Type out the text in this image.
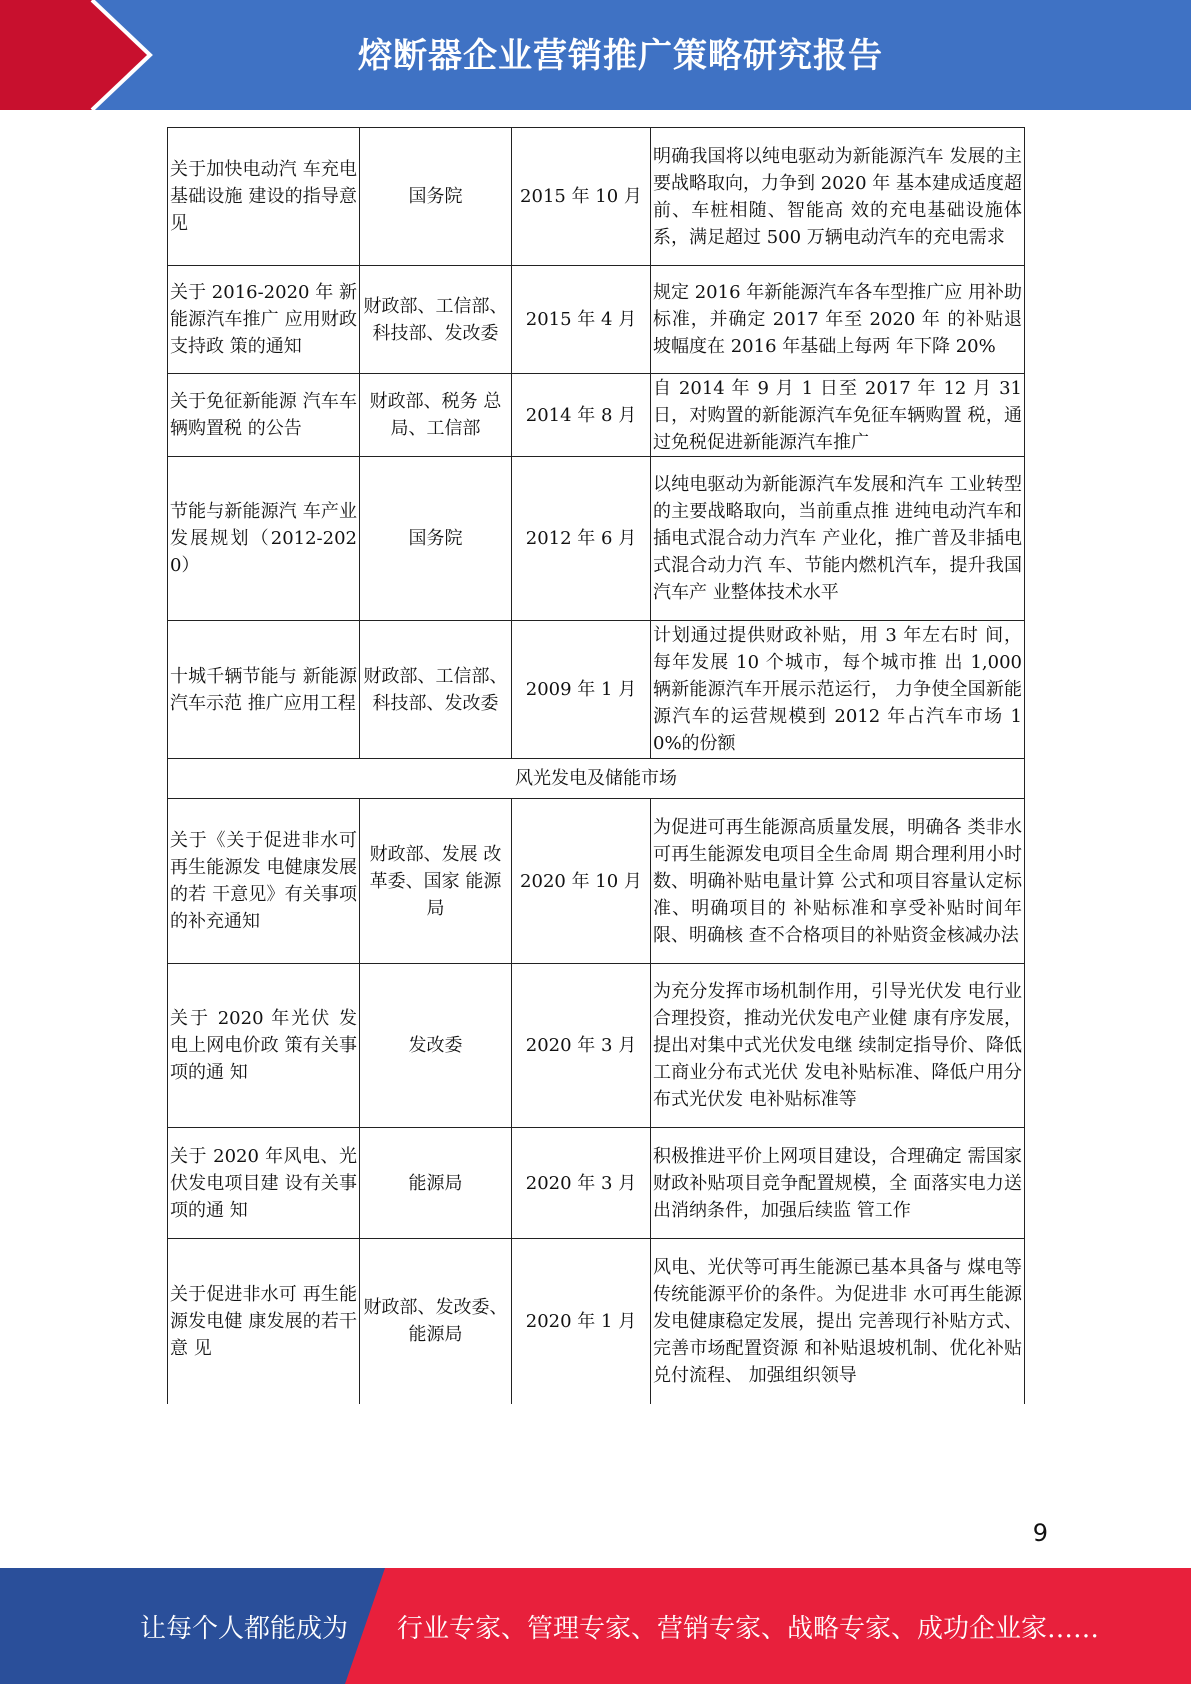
熔断器企业营销推广策略研究报告
关于加快电动汽 车充电基础设施 建设的指导意见	国务院	2015 年 10 月	明确我国将以纯电驱动为新能源汽车 发展的主要战略取向，力争到 2020 年 基本建成适度超前、车桩相随、智能高 效的充电基础设施体系，满足超过 500 万辆电动汽车的充电需求
关于 2016-2020 年 新能源汽车推广 应用财政支持政 策的通知	财政部、工信部、科技部、发改委	2015 年 4 月	规定 2016 年新能源汽车各车型推广应 用补助标准，并确定 2017 年至 2020 年 的补贴退坡幅度在 2016 年基础上每两 年下降 20%
关于免征新能源 汽车车辆购置税 的公告	财政部、税务 总局、工信部	2014 年 8 月	自 2014 年 9 月 1 日至 2017 年 12 月 31 日，对购置的新能源汽车免征车辆购置 税，通过免税促进新能源汽车推广
节能与新能源汽 车产业发展规划（2012-2020）	国务院	2012 年 6 月	以纯电驱动为新能源汽车发展和汽车 工业转型的主要战略取向，当前重点推 进纯电动汽车和插电式混合动力汽车 产业化，推广普及非插电式混合动力汽 车、节能内燃机汽车，提升我国汽车产 业整体技术水平
十城千辆节能与 新能源汽车示范 推广应用工程	财政部、工信部、科技部、发改委	2009 年 1 月	计划通过提供财政补贴，用 3 年左右时 间，每年发展 10 个城市，每个城市推 出 1,000 辆新能源汽车开展示范运行， 力争使全国新能源汽车的运营规模到 2012 年占汽车市场 10%的份额
风光发电及储能市场			
关于《关于促进非水可再生能源发 电健康发展的若 干意见》有关事项 的补充通知	财政部、发展 改革委、国家 能源局	2020 年 10 月	为促进可再生能源高质量发展，明确各 类非水可再生能源发电项目全生命周 期合理利用小时数、明确补贴电量计算 公式和项目容量认定标准、明确项目的 补贴标准和享受补贴时间年限、明确核 查不合格项目的补贴资金核减办法
关于 2020 年光伏 发电上网电价政 策有关事项的通 知	发改委	2020 年 3 月	为充分发挥市场机制作用，引导光伏发 电行业合理投资，推动光伏发电产业健 康有序发展，提出对集中式光伏发电继 续制定指导价、降低工商业分布式光伏 发电补贴标准、降低户用分布式光伏发 电补贴标准等
关于 2020 年风电、光伏发电项目建 设有关事项的通 知	能源局	2020 年 3 月	积极推进平价上网项目建设，合理确定 需国家财政补贴项目竞争配置规模，全 面落实电力送出消纳条件，加强后续监 管工作
关于促进非水可 再生能源发电健 康发展的若干意 见	财政部、发改委、能源局	2020 年 1 月	风电、光伏等可再生能源已基本具备与 煤电等传统能源平价的条件。为促进非 水可再生能源发电健康稳定发展，提出 完善现行补贴方式、完善市场配置资源 和补贴退坡机制、优化补贴兑付流程、 加强组织领导
9
让每个人都能成为 行业专家、管理专家、营销专家、战略专家、成功企业家……
